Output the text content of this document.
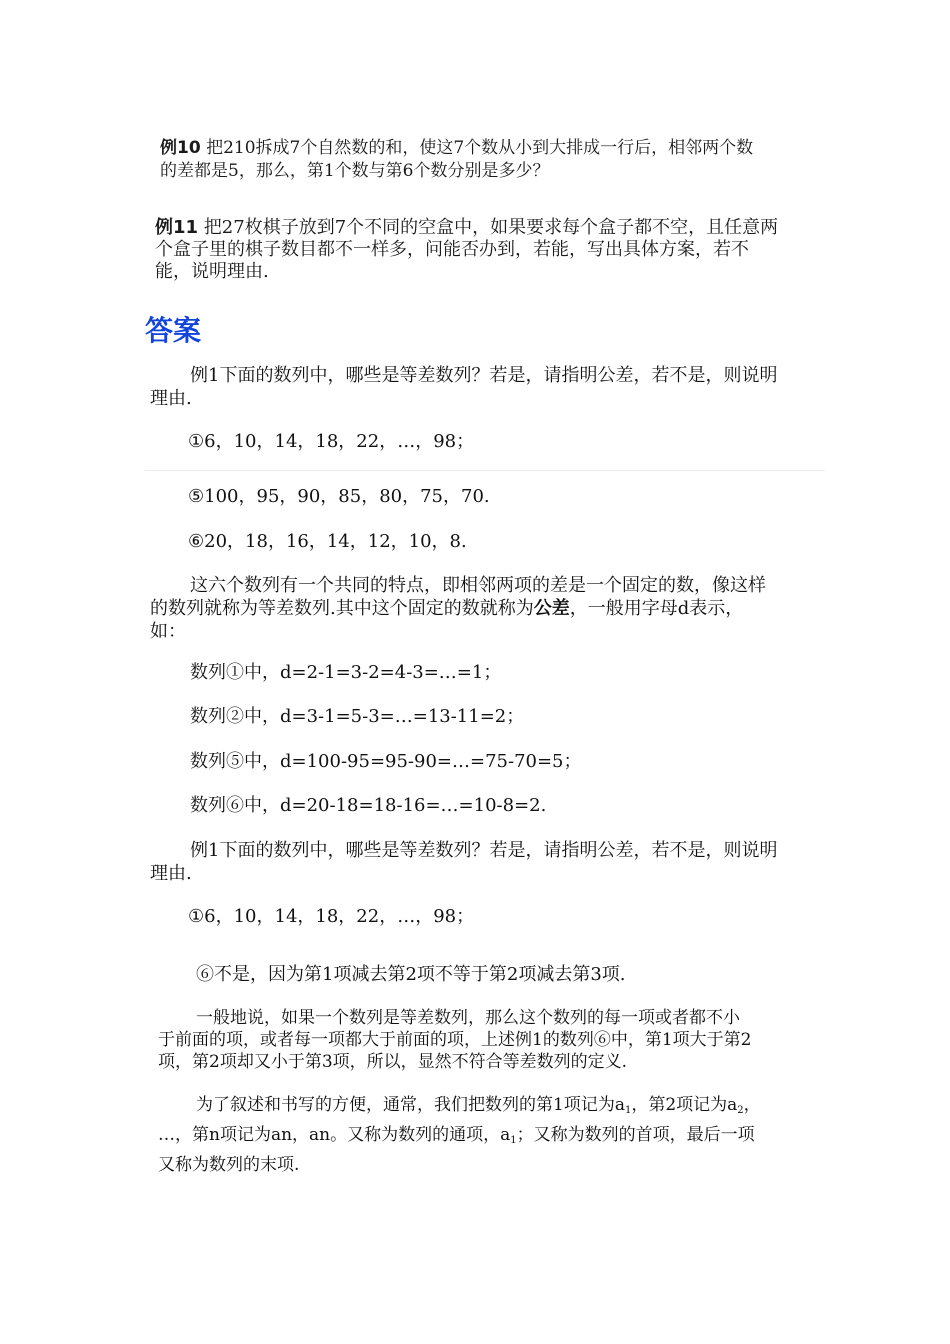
例10 把210拆成7个自然数的和，使这7个数从小到大排成一行后，相邻两个数
的差都是5，那么，第1个数与第6个数分别是多少？
例11 把27枚棋子放到7个不同的空盒中，如果要求每个盒子都不空，且任意两
个盒子里的棋子数目都不一样多，问能否办到，若能，写出具体方案，若不
能，说明理由.
答案
例1下面的数列中，哪些是等差数列？若是，请指明公差，若不是，则说明
理由.
①6，10，14，18，22，…，98；
⑤100，95，90，85，80，75，70.
⑥20，18，16，14，12，10，8.
这六个数列有一个共同的特点，即相邻两项的差是一个固定的数，像这样
的数列就称为等差数列.其中这个固定的数就称为公差，一般用字母d表示，
如：
数列①中，d=2-1=3-2=4-3=…=1；
数列②中，d=3-1=5-3=…=13-11=2；
数列⑤中，d=100-95=95-90=…=75-70=5；
数列⑥中，d=20-18=18-16=…=10-8=2.
例1下面的数列中，哪些是等差数列？若是，请指明公差，若不是，则说明
理由.
①6，10，14，18，22，…，98；
⑥不是，因为第1项减去第2项不等于第2项减去第3项.
一般地说，如果一个数列是等差数列，那么这个数列的每一项或者都不小
于前面的项，或者每一项都大于前面的项，上述例1的数列⑥中，第1项大于第2
项，第2项却又小于第3项，所以，显然不符合等差数列的定义.
为了叙述和书写的方便，通常，我们把数列的第1项记为$a_1$，第2项记为$a_2$，
…，第n项记为an，an。又称为数列的通项，$a_1$；又称为数列的首项，最后一项
又称为数列的末项.
